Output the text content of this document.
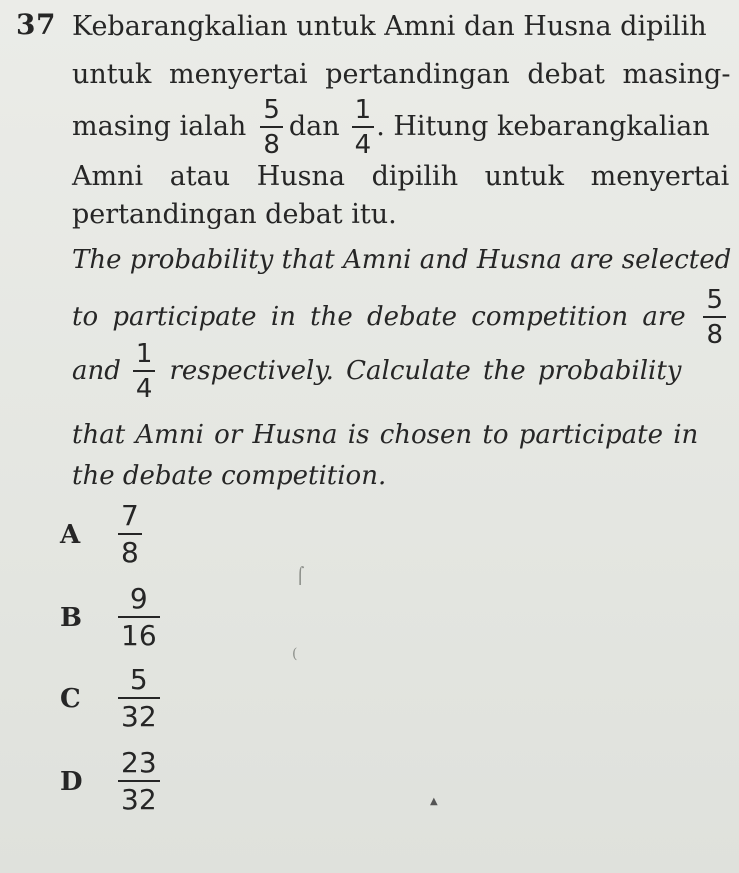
37 Kebarangkalian untuk Amni dan Husna dipilih
untuk menyertai pertandingan debat masing-
masing ialah $\frac{5}{8}$ dan $\frac{1}{4}$ . Hitung kebarangkalian
Amni atau Husna dipilih untuk menyertai
pertandingan debat itu.
The probability that Amni and Husna are selected
to participate in the debate competition are $\frac{5}{8}$
and $\frac{1}{4}$ respectively. Calculate the probability
that Amni or Husna is chosen to participate in
the debate competition.
A	$\frac{7}{8}$
B	$\frac{9}{16}$
C	$\frac{5}{32}$
D	$\frac{23}{32}$
⌠
(
▲
